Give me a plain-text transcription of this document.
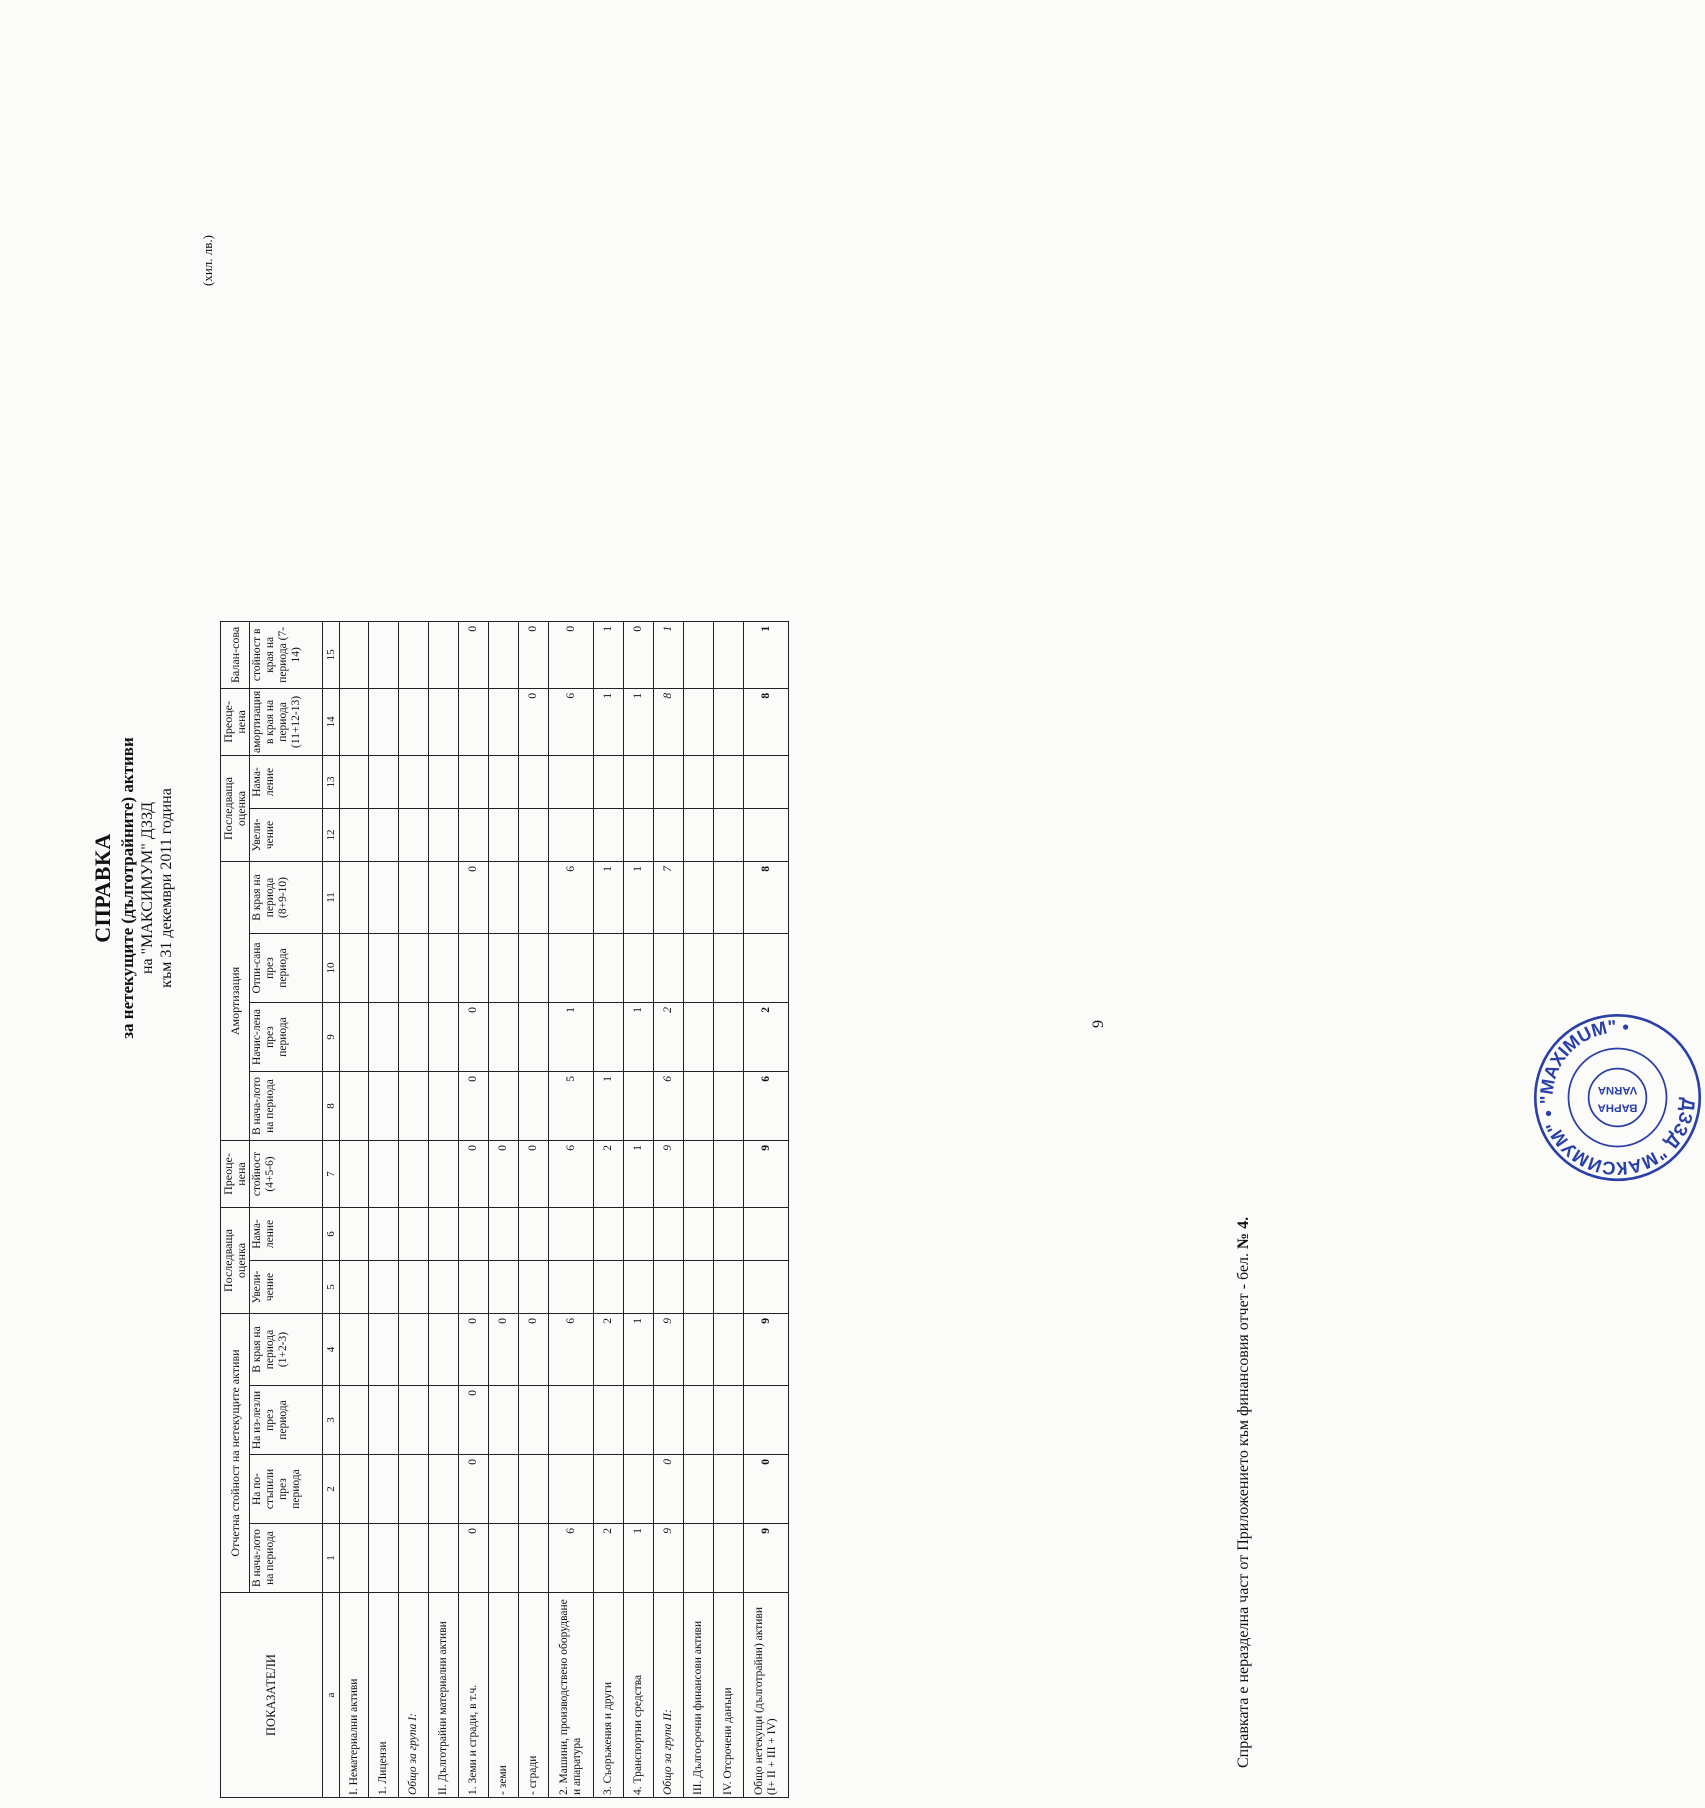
СПРАВКА за нетекущите (дълготрайните) активи на "МАКСИМУМ" ДЗЗД към 31 декември 2011 година
(хил. лв.)
ПОКАЗАТЕЛИ	Отчетна стойност на нетекущите активи				Последваща оценка		Преоце-нена	Амортизация				Последваща оценка		Преоце-нена	Балан-сова
	В нача-лото на периода	На по-стъпили през периода	На из-лезли през периода	В края на периода (1+2-3)	Увели-чение	Нама-ление	стойност (4+5-6)	В нача-лото на периода	Начис-лена през периода	Отпи-сана през периода	В края на периода (8+9-10)	Увели-чение	Нама-ление	амортизация в края на периода (11+12-13)	стойност в края на периода (7-14)
а	1	2	3	4	5	6	7	8	9	10	11	12	13	14	15
I. Нематериални активи															
1. Лицензи															
Общо за група I:															
II. Дълготрайни материални активи															
1. Земи и сгради, в т.ч.	0	0	0	0			0	0	0		0				0
- земи				0			0								
- сгради				0			0							0	0
2. Машини, производствено оборудване и апаратура	6			6			6	5	1		6			6	0
3. Съоръжения и други	2			2			2	1			1			1	1
4. Транспортни средства	1			1			1		1		1			1	0
Общо за група II:	9	0		9			9	6	2		7			8	1
III. Дългосрочни финансови активи															
IV. Отсрочени данъци															
Общо нетекущи (дълготрайни) активи (I+ II + III + IV)	9	0		9			9	6	2		8			8	1
9
Справката е неразделна част от Приложението към финансовия отчет - бел. № 4.
ДЗЗД "МАКСИМУМ" • "MAXIMUM" •
ВАРНА
VARNA
